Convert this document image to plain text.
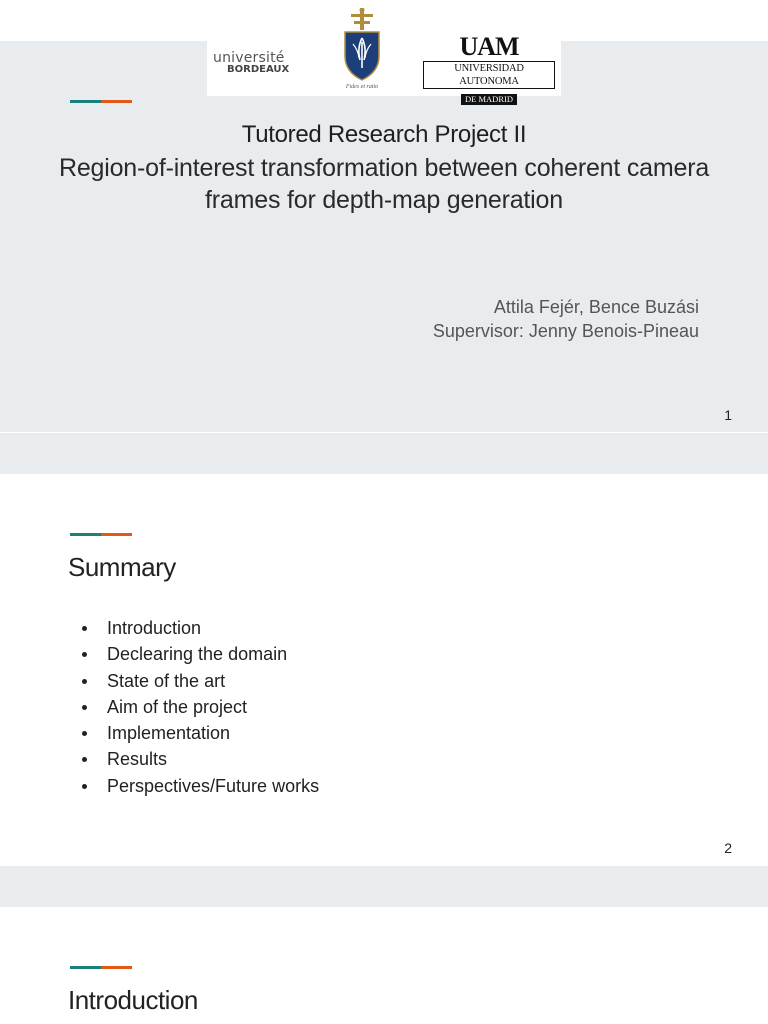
université
BORDEAUX
Fides et ratio
UAM
UNIVERSIDAD AUTONOMA
DE MADRID
Tutored Research Project II
Region-of-interest transformation between coherent camera frames for depth-map generation
Attila Fejér, Bence Buzási
Supervisor: Jenny Benois-Pineau
1
Summary
Introduction
Declearing the domain
State of the art
Aim of the project
Implementation
Results
Perspectives/Future works
2
Introduction
